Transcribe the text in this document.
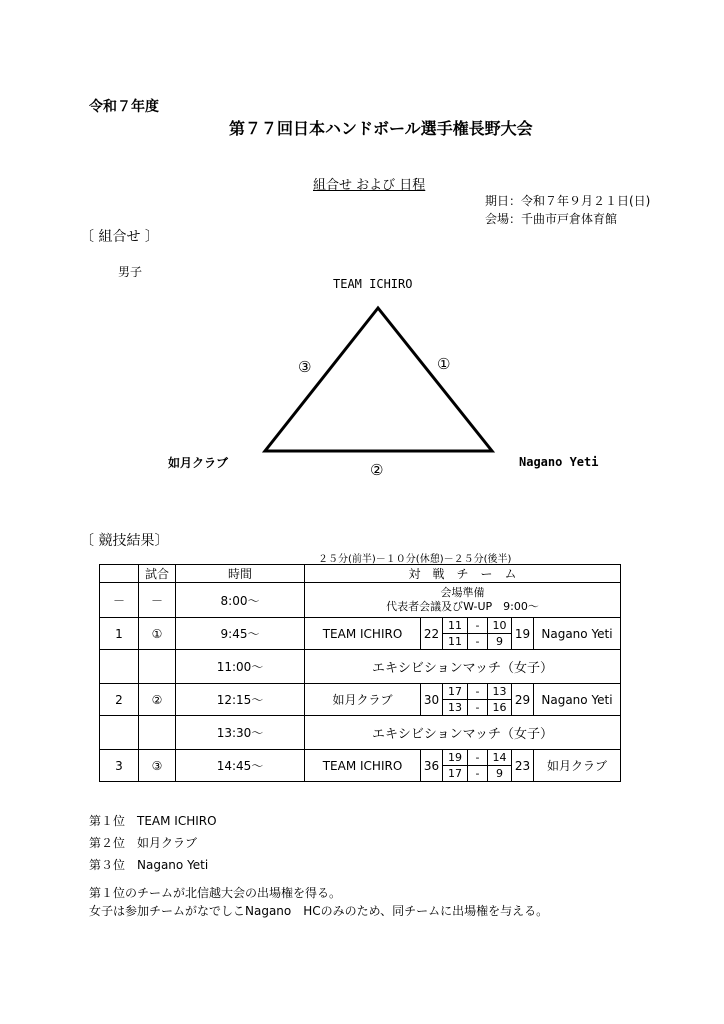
令和７年度
第７７回日本ハンドボール選手権長野大会
組合せ および 日程
期日：令和７年９月２１日(日)
会場：千曲市戸倉体育館
〔 組合せ 〕
男子
TEAM ICHIRO
如月クラブ	Nagano Yeti
③	①
②
〔 競技結果〕
２５分(前半)－１０分(休憩)－２５分(後半)
	試合	時間	対　戦　チ　ー　ム						
－	－	8:00～	会場準備
代表者会議及びW-UP　9:00～						

1	①	9:45～	TEAM ICHIRO	22	11	-	10	19	Nagano Yeti
					11	-	9		
		11:00～	エキシビションマッチ（女子）						
2	②	12:15～	如月クラブ	30	17	-	13	29	Nagano Yeti
					13	-	16		
		13:30～	エキシビションマッチ（女子）						
3	③	14:45～	TEAM ICHIRO	36	19	-	14	23	如月クラブ
					17	-	9		
第１位　TEAM ICHIRO
第２位　如月クラブ
第３位　Nagano Yeti
第１位のチームが北信越大会の出場権を得る。
女子は参加チームがなでしこNagano　HCのみのため、同チームに出場権を与える。
